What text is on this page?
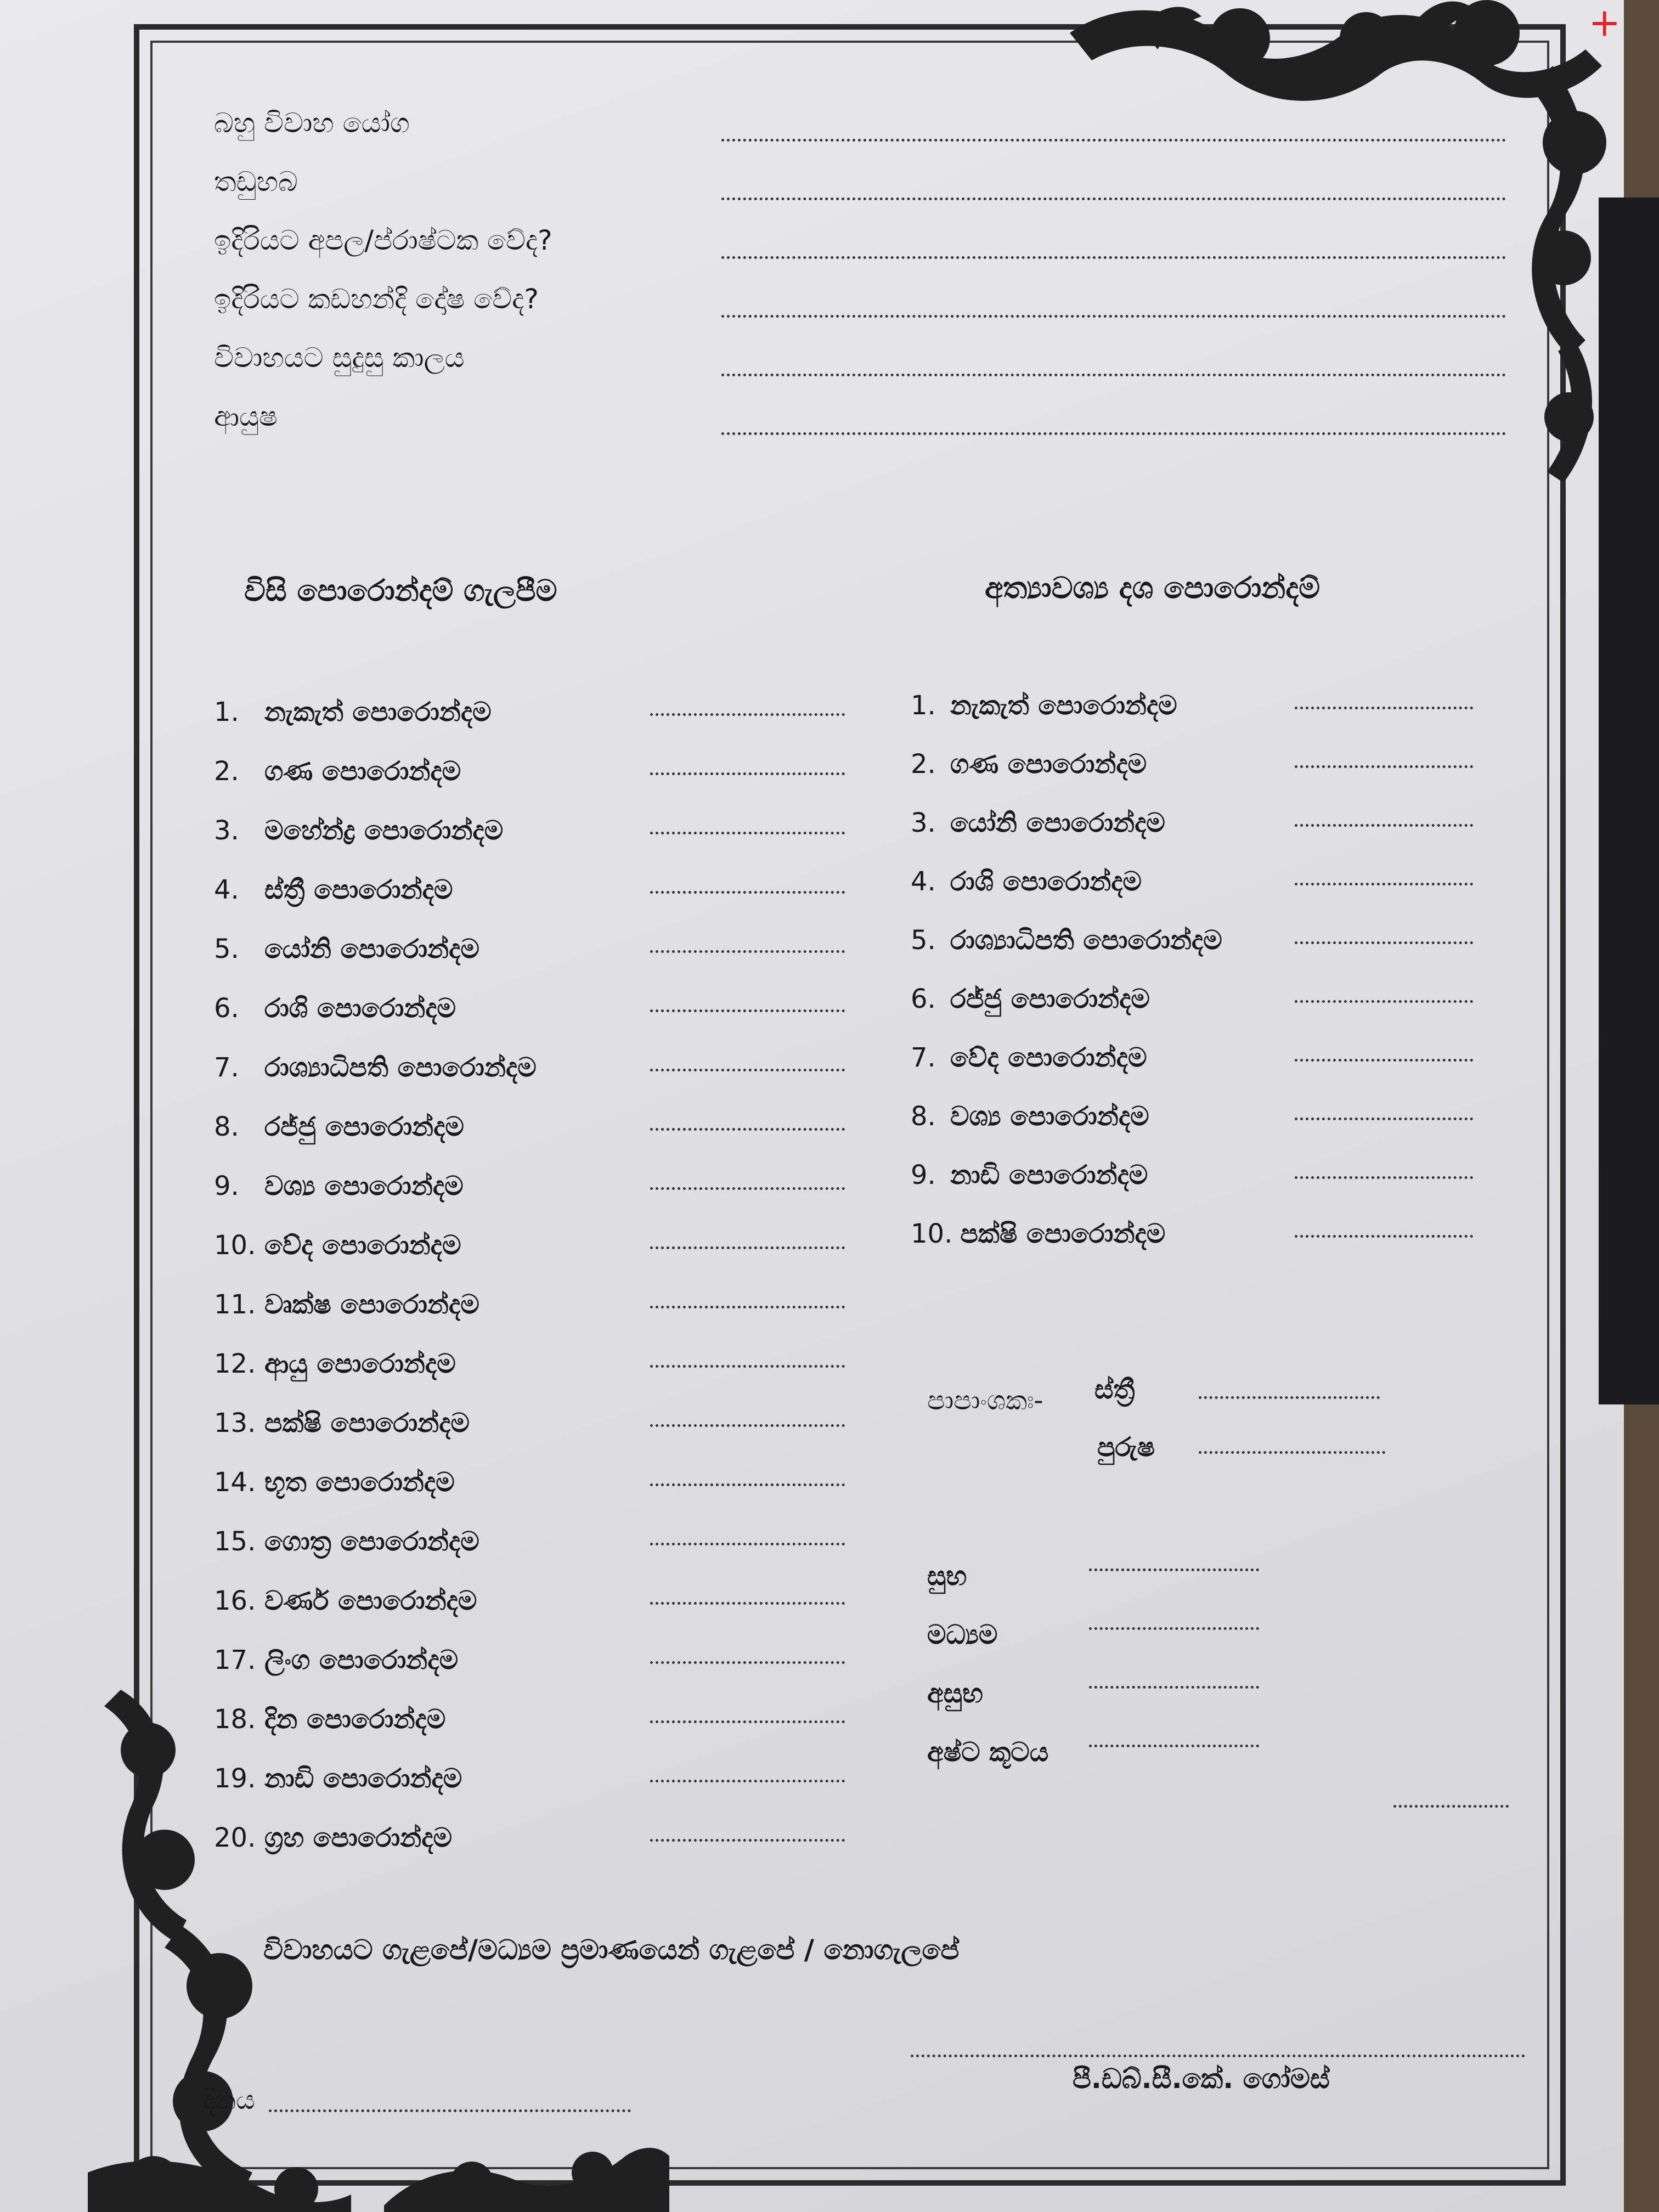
+
බහු විවාහ යෝග
තඩුහබ
ඉදිරියට අපල/ප්රාෂ්ටක වේද?
ඉදිරියට කඩහන්දි දෝෂ වේද?
විවාහයට සුදුසු කාලය
ආයුෂ
විසි පොරොන්දම් ගැලපීම	අත්‍යාවශ්‍ය දශ පොරොන්දම්
1. නැකැත් පොරොන්දම
2. ගණ පොරොන්දම
3. මහේන්ද්‍ර පොරොන්දම
4. ස්ත්‍රී පොරොන්දම
5. යෝනි පොරොන්දම
6. රාශි පොරොන්දම
7. රාශ්‍යාධිපති පොරොන්දම
8. රජ්ජු පොරොන්දම
9. වශ්‍ය පොරොන්දම
10. වේද පොරොන්දම
11. වෘක්ෂ පොරොන්දම
12. ආයු පොරොන්දම
13. පක්ෂි පොරොන්දම
14. භූත පොරොන්දම
15. ගොත්‍ර පොරොන්දම
16. වර්ණ පොරොන්දම
17. ලිංග පොරොන්දම
18. දින පොරොන්දම
19. නාඩි පොරොන්දම
20. ග්‍රහ පොරොන්දම
1. නැකැත් පොරොන්දම
2. ගණ පොරොන්දම
3. යෝනි පොරොන්දම
4. රාශි පොරොන්දම
5. රාශ්‍යාධිපති පොරොන්දම
6. රජ්ජු පොරොන්දම
7. වේද පොරොන්දම
8. වශ්‍ය පොරොන්දම
9. නාඩි පොරොන්දම
10. පක්ෂි පොරොන්දම
පාපාංශකඃ- ස්ත්‍රී
පුරුෂ
සුභ
මධ්‍යම
අසුභ
අෂ්ට කූටය
විවාහයට ගැළපේ/මධ්‍යම ප්‍රමාණයෙන් ගැළපේ / නොගැලපේ
දිනය
පී.ඩබ්.සී.කේ. ගෝමස්
